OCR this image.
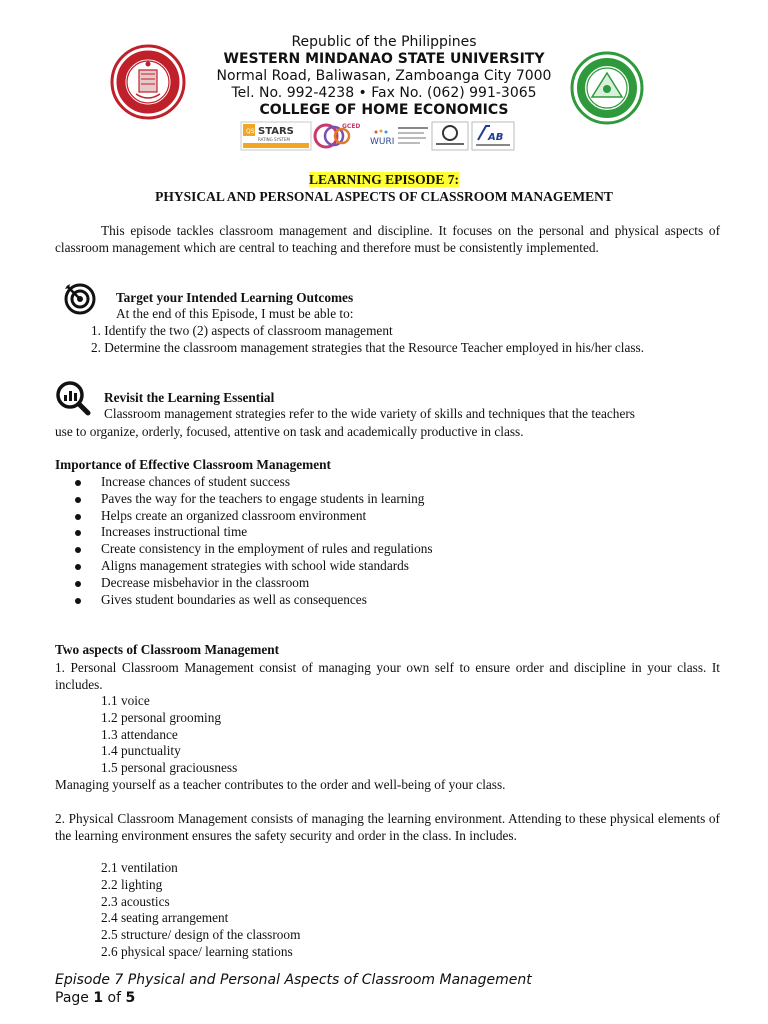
Republic of the Philippines
WESTERN MINDANAO STATE UNIVERSITY
Normal Road, Baliwasan, Zamboanga City 7000
Tel. No. 992-4238 • Fax No. (062) 991-3065
COLLEGE OF HOME ECONOMICS
QS STARS
RATING SYSTEM
GCED
WURI	AB
LEARNING EPISODE 7:
PHYSICAL AND PERSONAL ASPECTS OF CLASSROOM MANAGEMENT
This episode tackles classroom management and discipline. It focuses on the personal and physical aspects of classroom management which are central to teaching and therefore must be consistently implemented.
Target your Intended Learning Outcomes
At the end of this Episode, I must be able to:
1. Identify the two (2) aspects of classroom management
2. Determine the classroom management strategies that the Resource Teacher employed in his/her class.
Revisit the Learning Essential
Classroom management strategies refer to the wide variety of skills and techniques that the teachers
use to organize, orderly, focused, attentive on task and academically productive in class.
Importance of Effective Classroom Management
Increase chances of student success
Paves the way for the teachers to engage students in learning
Helps create an organized classroom environment
Increases instructional time
Create consistency in the employment of rules and regulations
Aligns management strategies with school wide standards
Decrease misbehavior in the classroom
Gives student boundaries as well as consequences
Two aspects of Classroom Management
1. Personal Classroom Management consist of managing your own self to ensure order and discipline in your class. It includes.
1.1 voice
1.2 personal grooming
1.3 attendance
1.4 punctuality
1.5 personal graciousness
Managing yourself as a teacher contributes to the order and well-being of your class.
2. Physical Classroom Management consists of managing the learning environment. Attending to these physical elements of the learning environment ensures the safety security and order in the class. In includes.
2.1 ventilation
2.2 lighting
2.3 acoustics
2.4 seating arrangement
2.5 structure/ design of the classroom
2.6 physical space/ learning stations
Episode 7 Physical and Personal Aspects of Classroom Management
Page 1 of 5
